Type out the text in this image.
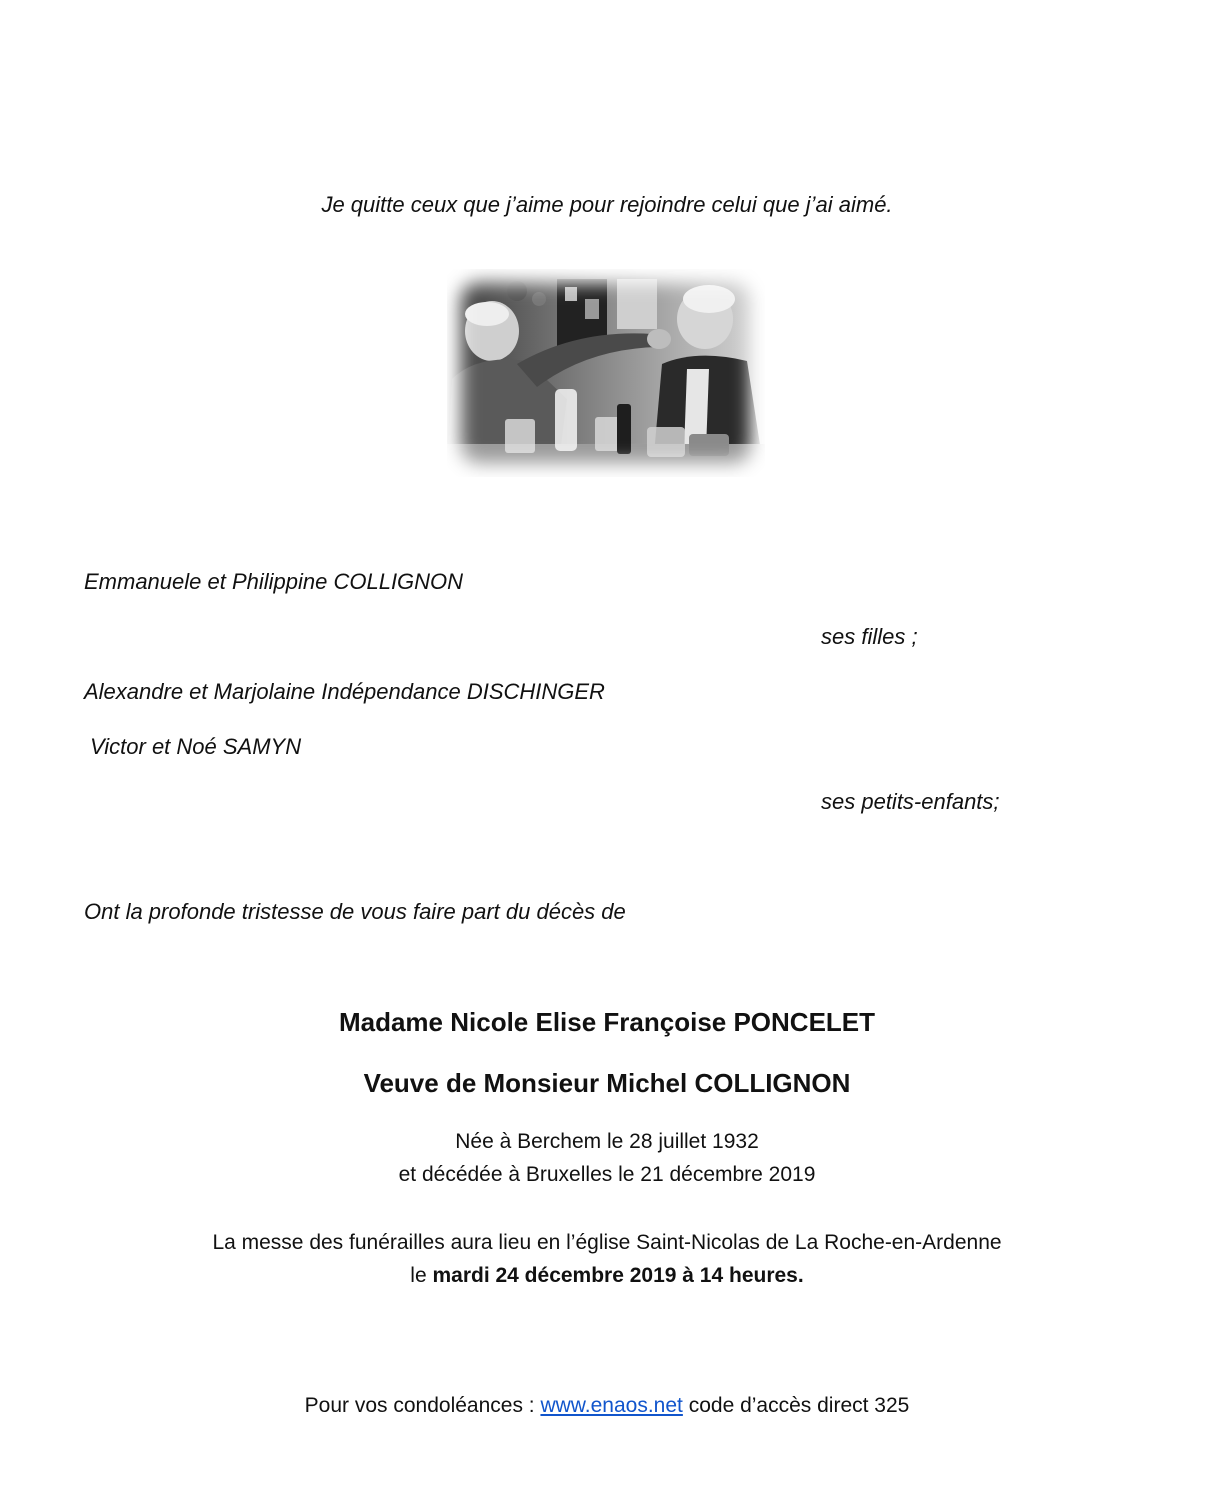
Je quitte ceux que j’aime pour rejoindre celui que j’ai aimé.
Emmanuele et Philippine COLLIGNON
ses filles ;
Alexandre et Marjolaine Indépendance DISCHINGER
Victor et Noé SAMYN
ses petits-enfants;
Ont la profonde tristesse de vous faire part du décès de
Madame Nicole Elise Françoise PONCELET
Veuve de Monsieur Michel COLLIGNON
Née à Berchem le 28 juillet 1932
et décédée à Bruxelles le 21 décembre 2019
La messe des funérailles aura lieu en l’église Saint-Nicolas de La Roche-en-Ardenne
le mardi 24 décembre 2019 à 14 heures.
Pour vos condoléances : www.enaos.net code d’accès direct 325
